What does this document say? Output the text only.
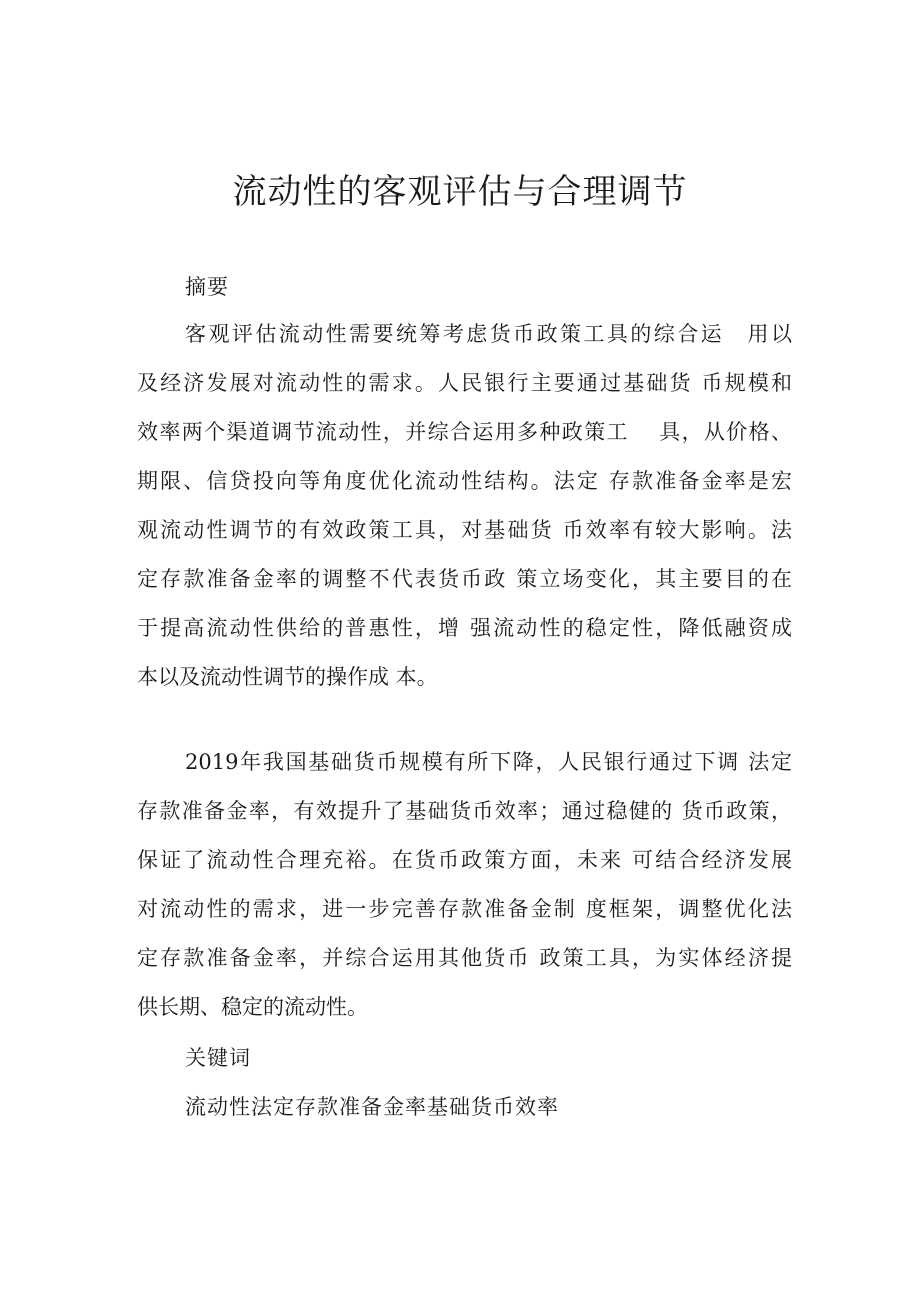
流动性的客观评估与合理调节

摘要

客观评估流动性需要统筹考虑货币政策工具的综合运　用以
及经济发展对流动性的需求。人民银行主要通过基础货 币规模和
效率两个渠道调节流动性，并综合运用多种政策工　 具，从价格、
期限、信贷投向等角度优化流动性结构。法定 存款准备金率是宏
观流动性调节的有效政策工具，对基础货 币效率有较大影响。法
定存款准备金率的调整不代表货币政 策立场变化，其主要目的在
于提高流动性供给的普惠性，增 强流动性的稳定性，降低融资成
本以及流动性调节的操作成 本。
2019年我国基础货币规模有所下降，人民银行通过下调 法定
存款准备金率，有效提升了基础货币效率；通过稳健的 货币政策，
保证了流动性合理充裕。在货币政策方面，未来 可结合经济发展
对流动性的需求，进一步完善存款准备金制 度框架，调整优化法
定存款准备金率，并综合运用其他货币 政策工具，为实体经济提
供长期、稳定的流动性。

关键词

流动性法定存款准备金率基础货币效率
